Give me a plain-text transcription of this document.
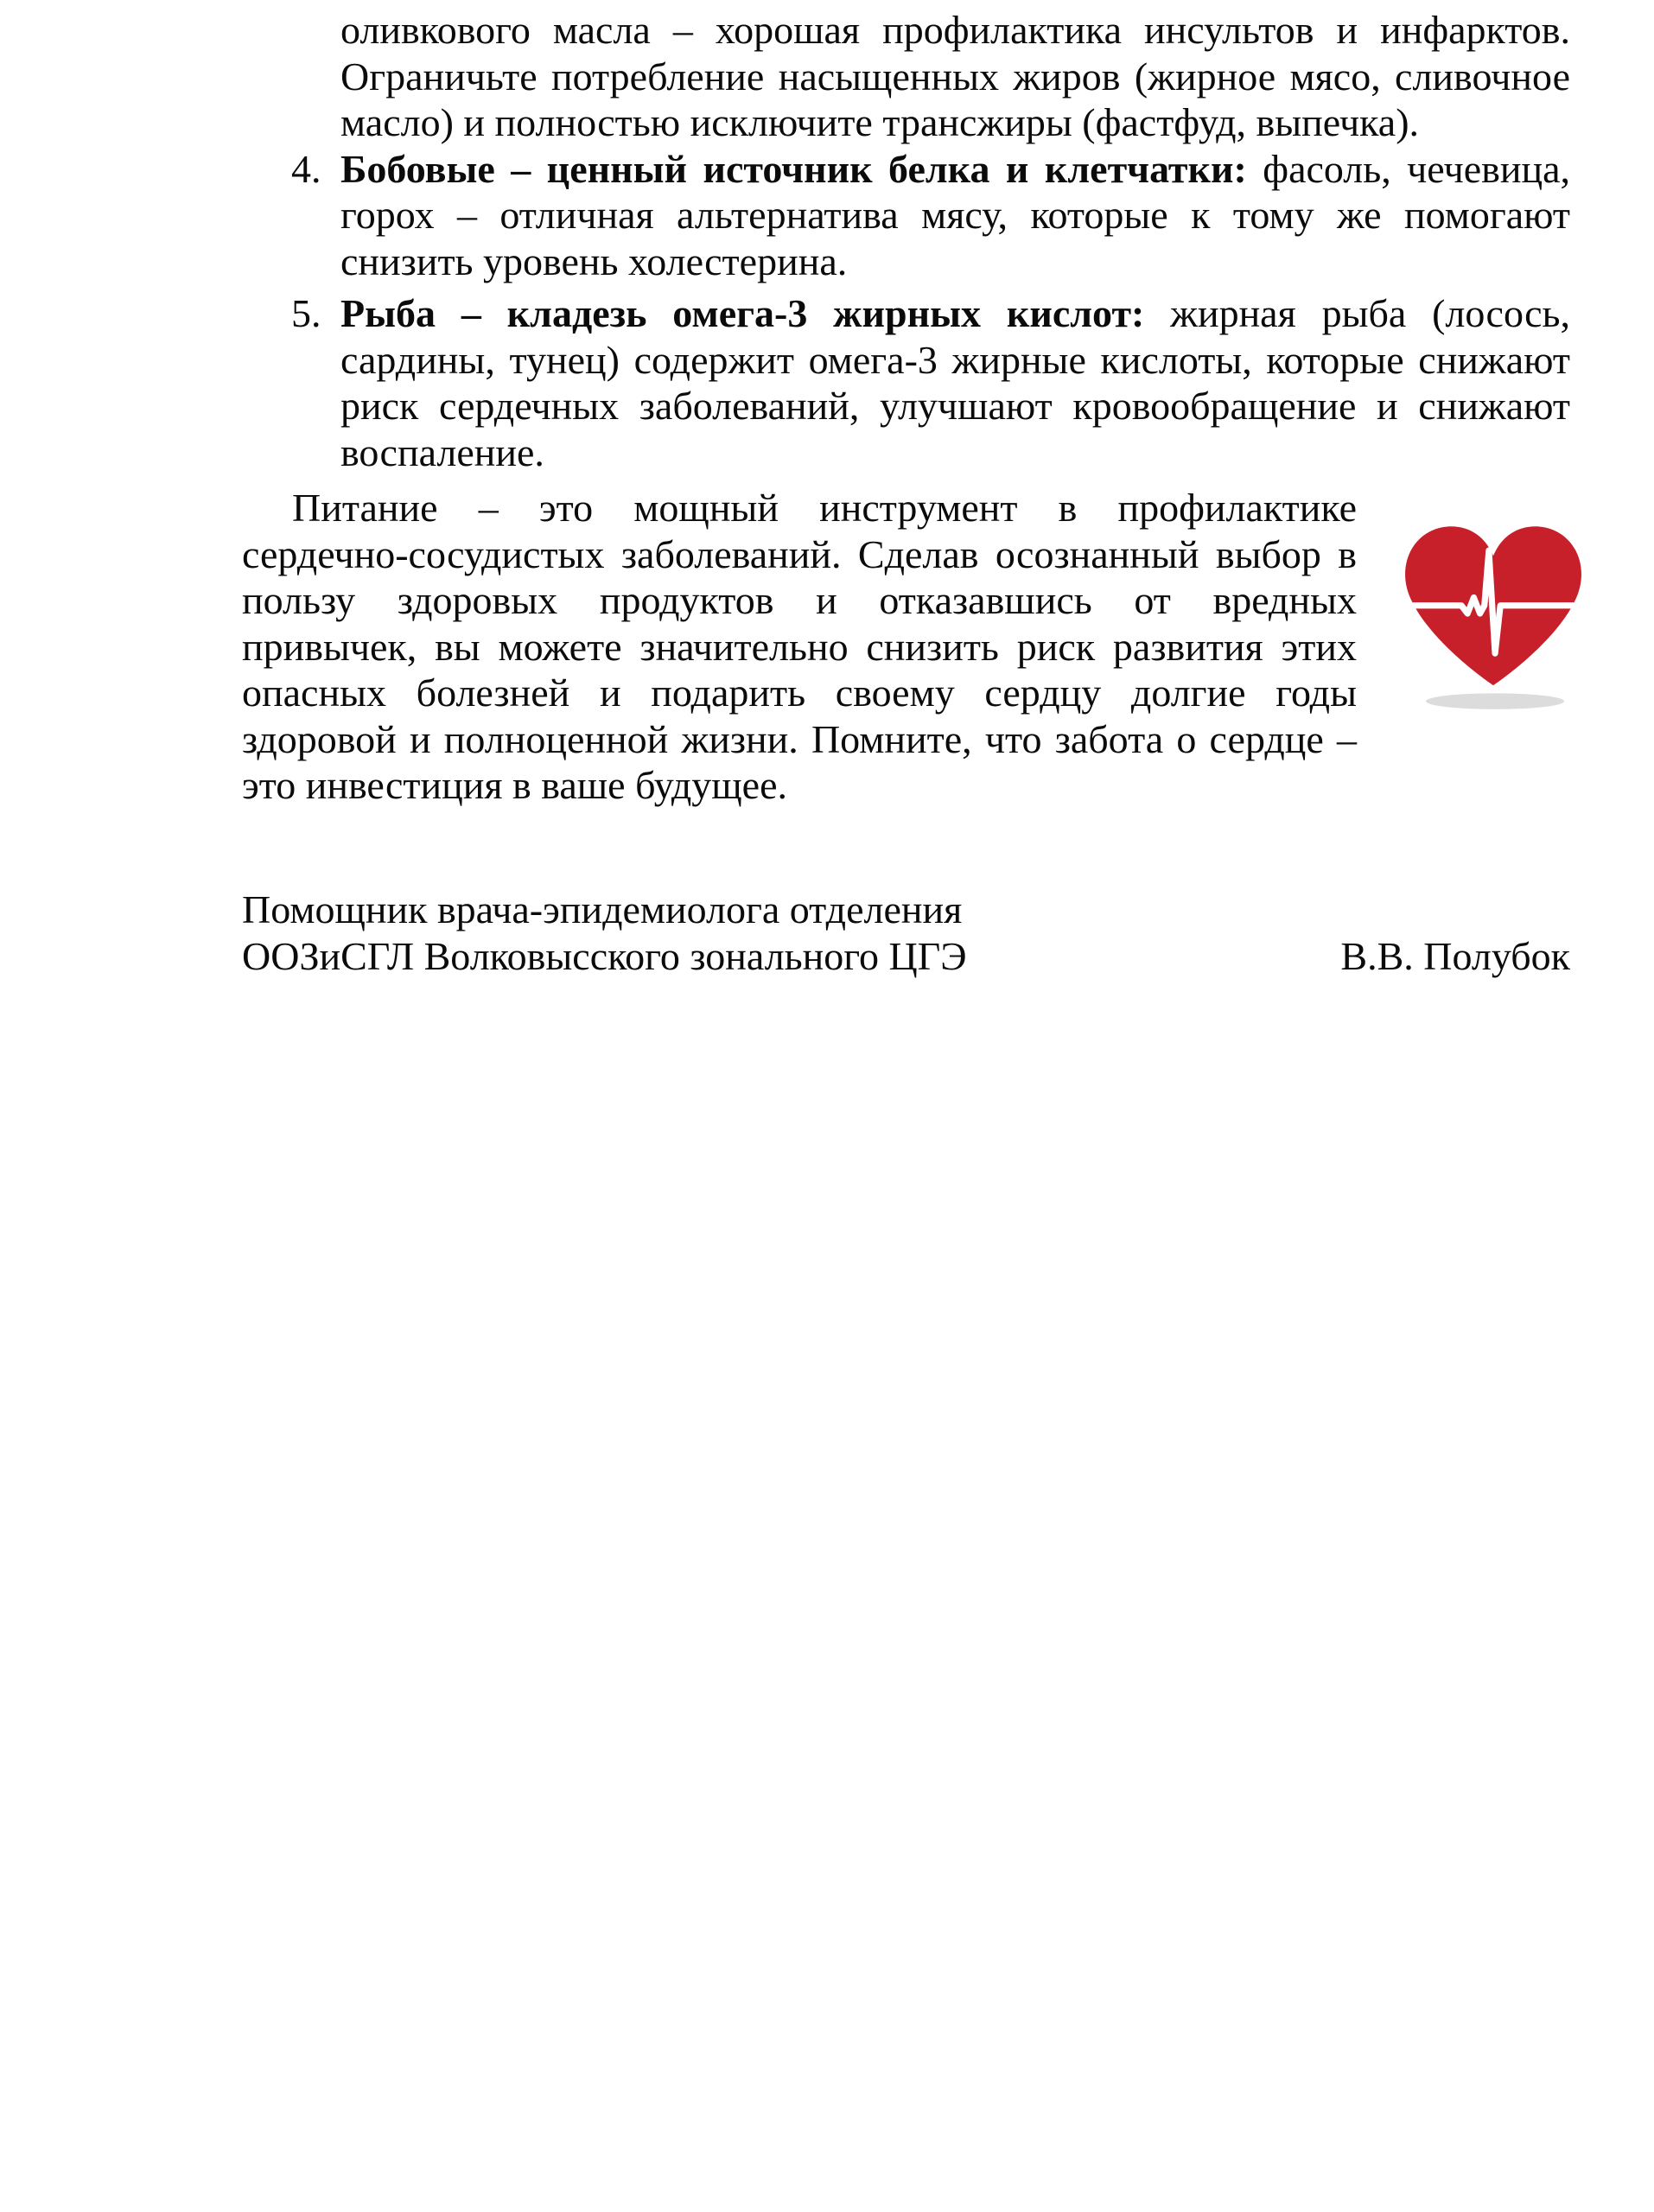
оливкового масла – хорошая профилактика инсультов и инфарктов.
Ограничьте потребление насыщенных жиров (жирное мясо, сливочное
масло) и полностью исключите трансжиры (фастфуд, выпечка).
4. Бобовые – ценный источник белка и клетчатки: фасоль, чечевица,
горох – отличная альтернатива мясу, которые к тому же помогают
снизить уровень холестерина.
5. Рыба – кладезь омега-3 жирных кислот: жирная рыба (лосось,
сардины, тунец) содержит омега-3 жирные кислоты, которые снижают
риск сердечных заболеваний, улучшают кровообращение и снижают
воспаление.
Питание – это мощный инструмент в профилактике
сердечно-сосудистых заболеваний. Сделав осознанный выбор в
пользу здоровых продуктов и отказавшись от вредных
привычек, вы можете значительно снизить риск развития этих
опасных болезней и подарить своему сердцу долгие годы
здоровой и полноценной жизни. Помните, что забота о сердце –
это инвестиция в ваше будущее.
Помощник врача-эпидемиолога отделения
ООЗиСГЛ Волковысского зонального ЦГЭ	В.В. Полубок
